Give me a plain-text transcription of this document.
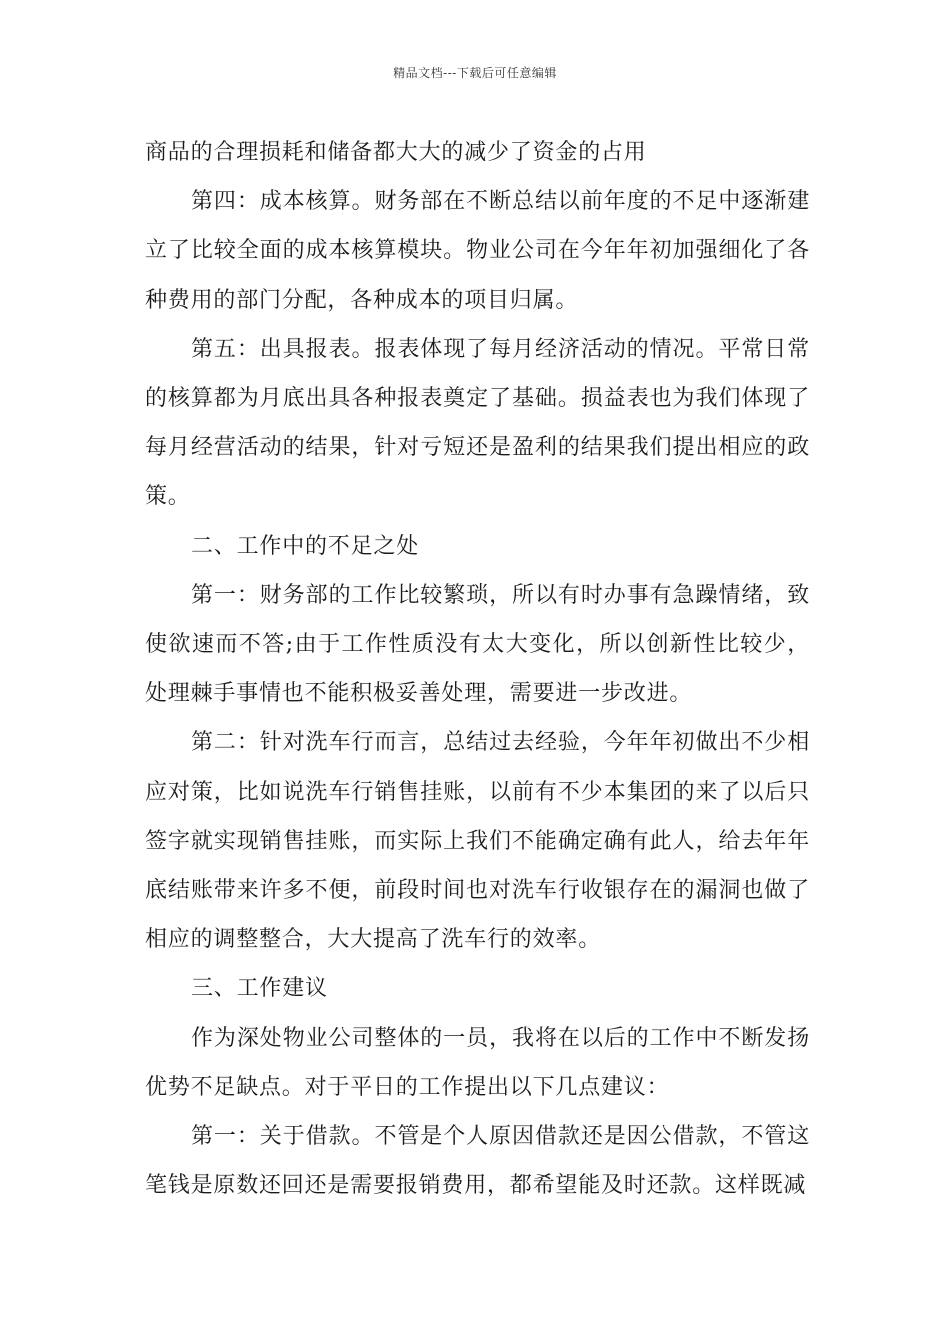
精品文档---下载后可任意编辑

商品的合理损耗和储备都大大的减少了资金的占用

第四：成本核算。财务部在不断总结以前年度的不足中逐渐建立了比较全面的成本核算模块。物业公司在今年年初加强细化了各种费用的部门分配，各种成本的项目归属。

第五：出具报表。报表体现了每月经济活动的情况。平常日常的核算都为月底出具各种报表奠定了基础。损益表也为我们体现了每月经营活动的结果，针对亏短还是盈利的结果我们提出相应的政策。

二、工作中的不足之处

第一：财务部的工作比较繁琐，所以有时办事有急躁情绪，致使欲速而不答;由于工作性质没有太大变化，所以创新性比较少，处理棘手事情也不能积极妥善处理，需要进一步改进。

第二：针对洗车行而言，总结过去经验，今年年初做出不少相应对策，比如说洗车行销售挂账，以前有不少本集团的来了以后只签字就实现销售挂账，而实际上我们不能确定确有此人，给去年年底结账带来许多不便，前段时间也对洗车行收银存在的漏洞也做了相应的调整整合，大大提高了洗车行的效率。

三、工作建议

作为深处物业公司整体的一员，我将在以后的工作中不断发扬优势不足缺点。对于平日的工作提出以下几点建议：

第一：关于借款。不管是个人原因借款还是因公借款，不管这笔钱是原数还回还是需要报销费用，都希望能及时还款。这样既减
